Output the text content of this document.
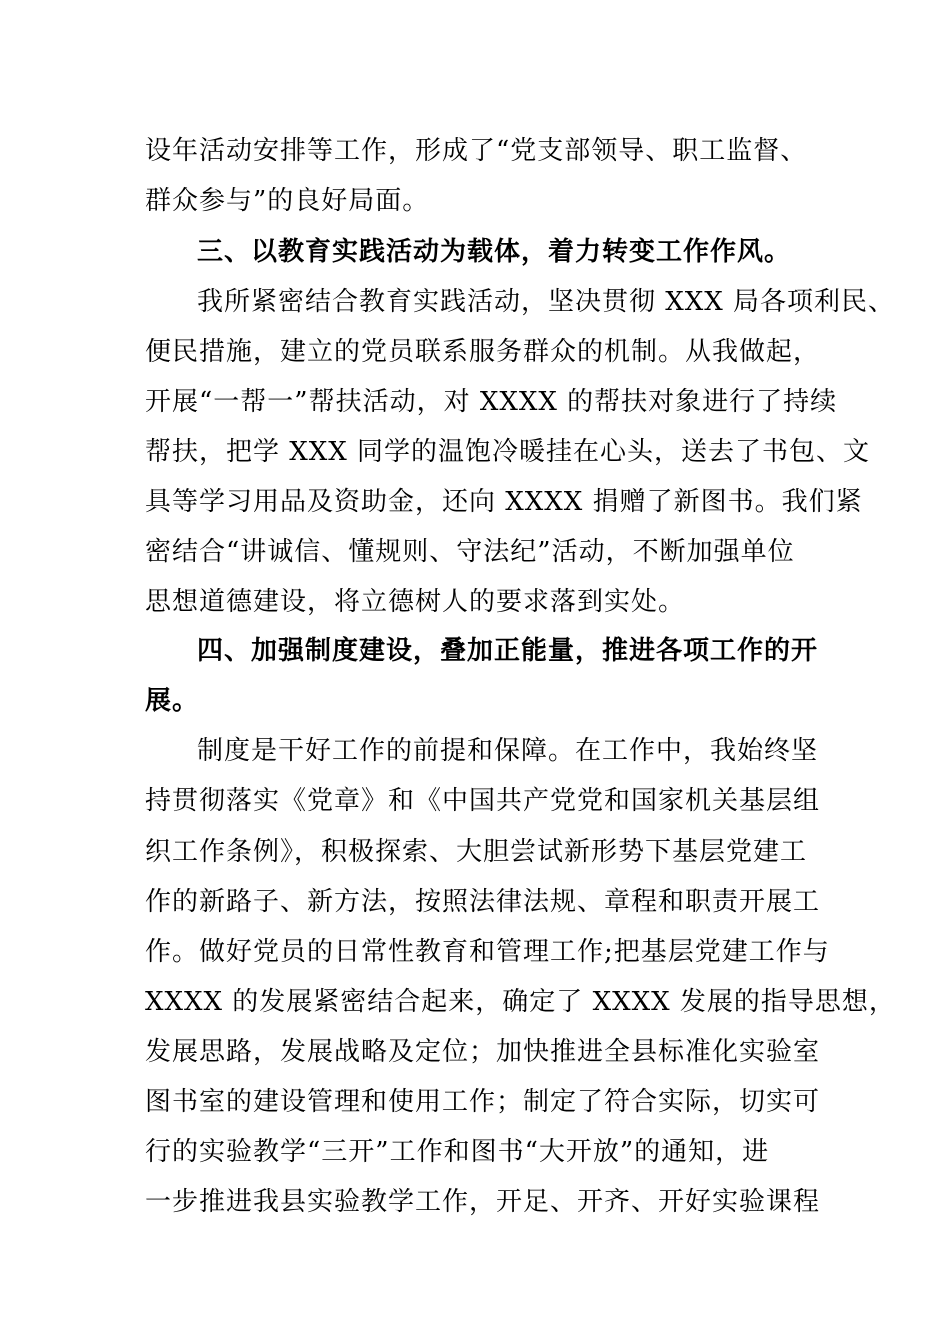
设年活动安排等工作，形成了“党支部领导、职工监督、
群众参与”的良好局面。
三、以教育实践活动为载体，着力转变工作作风。
我所紧密结合教育实践活动，坚决贯彻 XXX 局各项利民、
便民措施，建立的党员联系服务群众的机制。从我做起，
开展“一帮一”帮扶活动，对 XXXX 的帮扶对象进行了持续
帮扶，把学 XXX 同学的温饱冷暖挂在心头，送去了书包、文
具等学习用品及资助金，还向 XXXX 捐赠了新图书。我们紧
密结合“讲诚信、懂规则、守法纪”活动，不断加强单位
思想道德建设，将立德树人的要求落到实处。
四、加强制度建设，叠加正能量，推进各项工作的开
展。
制度是干好工作的前提和保障。在工作中，我始终坚
持贯彻落实《党章》和《中国共产党党和国家机关基层组
织工作条例》，积极探索、大胆尝试新形势下基层党建工
作的新路子、新方法，按照法律法规、章程和职责开展工
作。做好党员的日常性教育和管理工作;把基层党建工作与
XXXX 的发展紧密结合起来，确定了 XXXX 发展的指导思想，
发展思路，发展战略及定位；加快推进全县标准化实验室
图书室的建设管理和使用工作；制定了符合实际，切实可
行的实验教学“三开”工作和图书“大开放”的通知，进
一步推进我县实验教学工作，开足、开齐、开好实验课程
